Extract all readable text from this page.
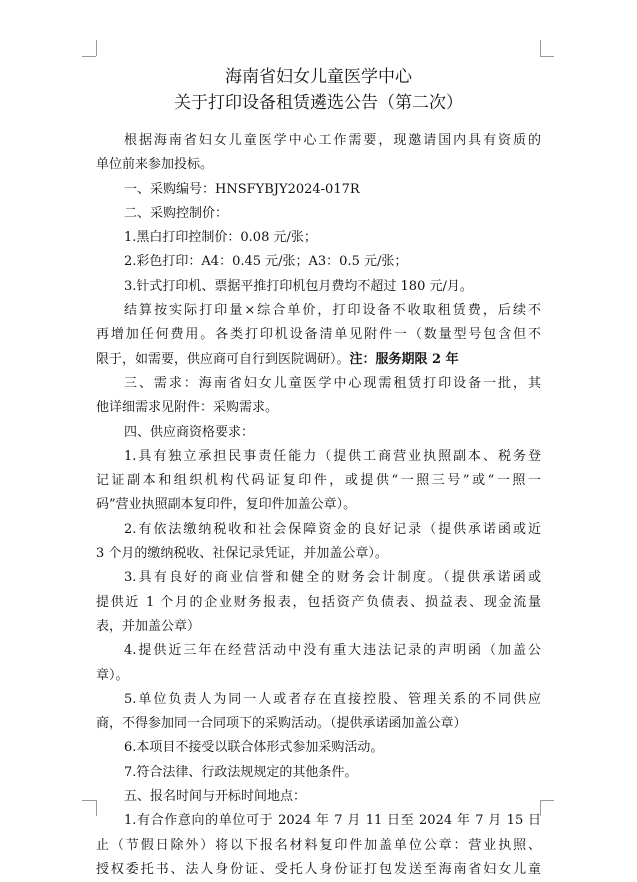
海南省妇女儿童医学中心
关于打印设备租赁遴选公告（第二次）
根据海南省妇女儿童医学中心工作需要，现邀请国内具有资质的
单位前来参加投标。
一、采购编号：HNSFYBJY2024-017R
二、采购控制价：
1.黑白打印控制价：0.08 元/张；
2.彩色打印：A4：0.45 元/张；A3：0.5 元/张；
3.针式打印机、票据平推打印机包月费均不超过 180 元/月。
结算按实际打印量×综合单价，打印设备不收取租赁费，后续不
再增加任何费用。各类打印机设备清单见附件一（数量型号包含但不
限于，如需要，供应商可自行到医院调研）。注：服务期限 2 年
三、需求：海南省妇女儿童医学中心现需租赁打印设备一批，其
他详细需求见附件：采购需求。
四、供应商资格要求：
1.具有独立承担民事责任能力（提供工商营业执照副本、税务登
记证副本和组织机构代码证复印件，或提供“一照三号”或“一照一
码”营业执照副本复印件，复印件加盖公章）。
2.有依法缴纳税收和社会保障资金的良好记录（提供承诺函或近
3 个月的缴纳税收、社保记录凭证，并加盖公章）。
3.具有良好的商业信誉和健全的财务会计制度。（提供承诺函或
提供近 1 个月的企业财务报表，包括资产负债表、损益表、现金流量
表，并加盖公章）
4.提供近三年在经营活动中没有重大违法记录的声明函（加盖公
章）。
5.单位负责人为同一人或者存在直接控股、管理关系的不同供应
商，不得参加同一合同项下的采购活动。（提供承诺函加盖公章）
6.本项目不接受以联合体形式参加采购活动。
7.符合法律、行政法规规定的其他条件。
五、报名时间与开标时间地点：
1.有合作意向的单位可于 2024 年 7 月 11 日至 2024 年 7 月 15 日
止（节假日除外）将以下报名材料复印件加盖单位公章：营业执照、
授权委托书、法人身份证、受托人身份证打包发送至海南省妇女儿童
